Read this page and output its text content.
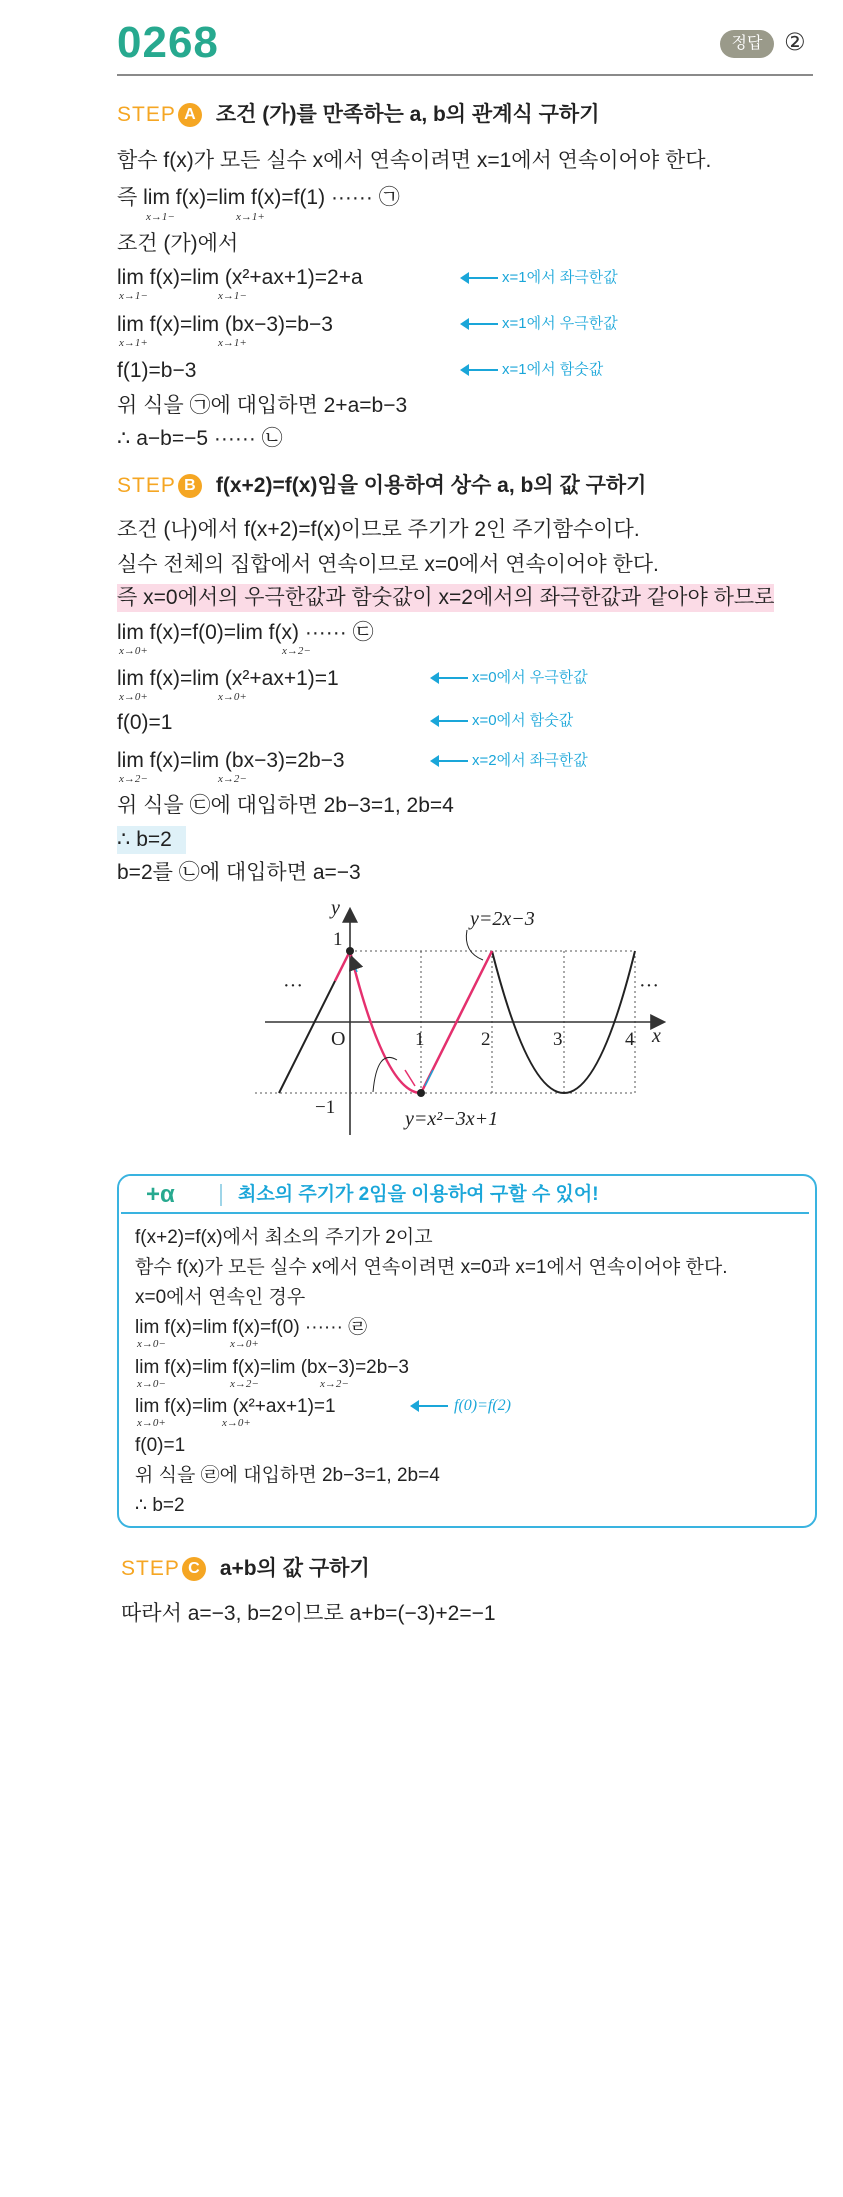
0268	정답 ②
STEP A 조건 (가)를 만족하는 a, b의 관계식 구하기
함수 f(x)가 모든 실수 x에서 연속이려면 x=1에서 연속이어야 한다.
즉 lim f(x)=lim f(x)=f(1) ······ ㉠
x→1−	x→1+
조건 (가)에서
lim f(x)=lim (x²+ax+1)=2+a
x→1−	x→1−
x=1에서 좌극한값
lim f(x)=lim (bx−3)=b−3
x→1+	x→1+
x=1에서 우극한값
f(1)=b−3	x=1에서 함숫값
위 식을 ㉠에 대입하면 2+a=b−3
∴ a−b=−5 ······ ㉡
STEP B f(x+2)=f(x)임을 이용하여 상수 a, b의 값 구하기
조건 (나)에서 f(x+2)=f(x)이므로 주기가 2인 주기함수이다.
실수 전체의 집합에서 연속이므로 x=0에서 연속이어야 한다.
즉 x=0에서의 우극한값과 함숫값이 x=2에서의 좌극한값과 같아야 하므로
lim f(x)=f(0)=lim f(x) ······ ㉢
x→0+	x→2−
lim f(x)=lim (x²+ax+1)=1
x→0+	x→0+
x=0에서 우극한값
f(0)=1	x=0에서 함숫값
lim f(x)=lim (bx−3)=2b−3
x→2−	x→2−
x=2에서 좌극한값
위 식을 ㉢에 대입하면 2b−3=1, 2b=4
∴ b=2
b=2를 ㉡에 대입하면 a=−3
y
x
O	1	2	3	4
1
−1
···	···
y=2x−3
y=x²−3x+1
+α	최소의 주기가 2임을 이용하여 구할 수 있어!
f(x+2)=f(x)에서 최소의 주기가 2이고
함수 f(x)가 모든 실수 x에서 연속이려면 x=0과 x=1에서 연속이어야 한다.
x=0에서 연속인 경우
lim f(x)=lim f(x)=f(0) ······ ㉣
x→0−	x→0+
lim f(x)=lim f(x)=lim (bx−3)=2b−3
x→0−	x→2−	x→2−
lim f(x)=lim (x²+ax+1)=1
x→0+	x→0+
f(0)=f(2)
f(0)=1
위 식을 ㉣에 대입하면 2b−3=1, 2b=4
∴ b=2
STEP C a+b의 값 구하기
따라서 a=−3, b=2이므로 a+b=(−3)+2=−1
